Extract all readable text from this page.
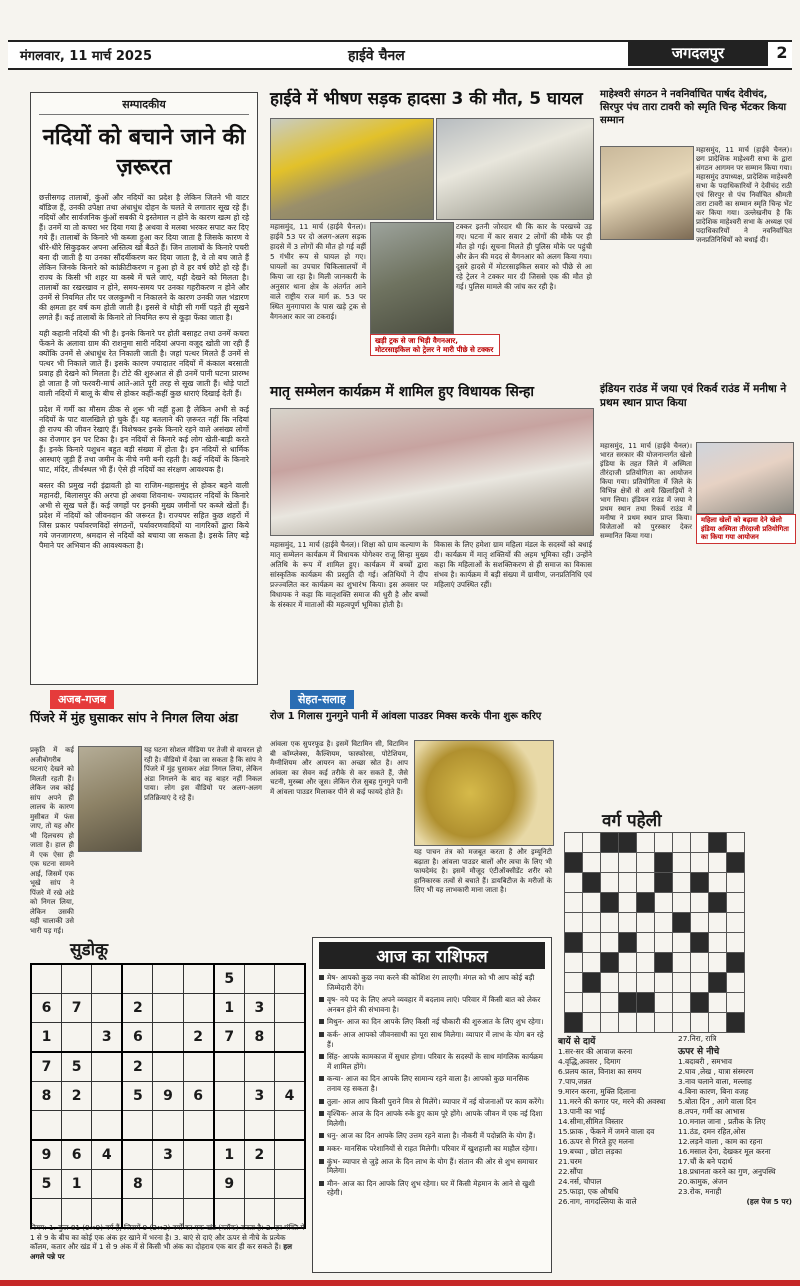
मंगलवार, 11 मार्च 2025	हाईवे चैनल	जगदलपुर	2
सम्पादकीय
नदियों को बचाने जाने की ज़रूरत
छत्तीसगढ़ तालाबों, कुंओं और नदियों का प्रदेश है लेकिन जितने भी वाटर बॉडिज हैं, उनकी उपेक्षा तथा अंधाधुंध दोहन के चलते ये लगातार सूख रहे हैं। नदियों और सार्वजनिक कुंओं सबकी ये इस्तेमाल न होने के कारण खत्म हो रहे हैं। उनमें या तो कचरा भर दिया गया है अथवा वे मलबा भरकर सपाट कर दिए गये हैं। तालाबों के किनारे भी कब्जा हुआ कर दिया जाता है जिसके कारण वे धीरे-धीरे सिकुड़कर अपना अस्तित्व खो बैठते हैं। जिन तालाबों के किनारे पचरी बना दी जाती है या उनका सौंदर्यीकरण कर दिया जाता है, वे तो बच जाते हैं लेकिन जिनके किनारे को कांक्रीटीकरण न हुआ हो वे हर वर्ष छोटे हो रहे हैं। राज्य के किसी भी शहर या कस्बे में चले जाएं, यही देखने को मिलता है। तालाबों का रखरखाव न होने, समय-समय पर उनका गहरीकरण न होने और उनमें से नियमित तौर पर जलकुम्भी न निकालने के कारण उनकी जल भंडारण की क्षमता हर वर्ष कम होती जाती है। इससे वे थोड़ी सी गर्मी पड़ते ही सूखने लगते हैं। कई तालाबों के किनारे तो नियमित रूप से कूड़ा फेंका जाता है।
यही कहानी नदियों की भी है। इनके किनारे पर होती बसाहट तथा उनमें कचरा फेंकने के अलावा ग्राम की राशनुमा सारी नदियां अपना वजूद खोती जा रही हैं क्योंकि उनमें से अंधाधुंध रेत निकाली जाती है। जहां पत्थर मिलते हैं उनमें से पत्थर भी निकाले जाते हैं। इसके कारण ज्यादातर नदियों में कंकाल बरसाती प्रवाह ही देखने को मिलता है। टोटे की शुरुआत से ही उनमें पानी घटना प्रारम्भ हो जाता है जो फरवरी-मार्च आते-आते पूरी तरह से सूख जाती हैं। थोड़े पाटों वाली नदियों में बालू के बीच से होकर कहीं-कहीं कुछ धाराएं दिखाई देती हैं।
प्रदेश में गर्मी का मौसम ठीक से शुरू भी नहीं हुआ है लेकिन अभी से कई नदियों के पाट वालखिले हो चुके हैं। यह बतलाने की ज़रूरत नहीं कि नदियां ही राज्य की जीवन रेखाएं हैं। विशेषकर इनके किनारे रहने वाले असंख्य लोगों का रोजगार इन पर टिका है। इन नदियों से किनारे कई लोग खेती-बाड़ी करते हैं। इनके किनारे पशुधन बहुत बड़ी संख्या में होता है। इन नदियों से धार्मिक आस्थाएं जुड़ी हैं तथा जमीन के नीचे नमी बनी रहती है। कई नदियों के किनारे घाट, मंदिर, तीर्थस्थल भी हैं। ऐसे ही नदियों का संरक्षण आवश्यक है।
बस्तर की प्रमुख नदी इंद्रावती हो या राजिम-महासमुंद से होकर बहने वाली महानदी, बिलासपुर की अरपा हो अथवा शिवनाथ- ज्यादातर नदियों के किनारे अभी से सूख चले हैं। कई जगहों पर इनकी मुख्य जमीनों पर कब्जे खेतों हैं। प्रदेश में नदियों को जीवनदान की जरूरत है। राज्यपर सहित कुछ शहरों में जिस प्रकार पर्यावरणविदों संगठनों, पर्यावरणवादियों या नागरिकों द्वारा किये गये जनजागरण, श्रमदान से नदियों को बचाया जा सकता है। इसके लिए बड़े पैमाने पर अभियान की आवश्यकता है।
हाईवे में भीषण सड़क हादसा 3 की मौत, 5 घायल
महासमुंद, 11 मार्च (हाईवे चैनल)। हाईवे 53 पर दो अलग-अलग सड़क हादसे में 3 लोगों की मौत हो गई वहीं 5 गंभीर रूप से घायल हो गए। घायलों का उपचार चिकित्सालयों में किया जा रहा है। मिली जानकारी के अनुसार थाना क्षेत्र के अंतर्गत आने वाले राष्ट्रीय राज मार्ग क्र. 53 पर स्थित मुनगापारा के पास खड़े ट्रक से वैगनआर कार जा टकराई।
टक्कर इतनी जोरदार थी कि कार के परखच्चे उड़ गए। घटना में कार सवार 2 लोगों की मौके पर ही मौत हो गई। सूचना मिलते ही पुलिस मौके पर पहुंची और क्रेन की मदद से वैगनआर को अलग किया गया। दूसरे हादसे में मोटरसाइकिल सवार को पीछे से आ रहे ट्रेलर ने टक्कर मार दी जिससे एक की मौत हो गई। पुलिस मामले की जांच कर रही है।
खड़ी ट्रक से जा भिड़ी वैगनआर, मोटरसाइकिल को ट्रेलर ने मारी पीछे से टक्कर
माहेश्वरी संगठन ने नवनिर्वाचित पार्षद देवीचंद, सिरपुर पंच तारा टावरी को स्मृति चिन्ह भेंटकर किया सम्मान
महासमुंद, 11 मार्च (हाईवे चैनल)। छग प्रादेशिक माहेश्वरी सभा के द्वारा संगठन आगमन पर सम्मान किया गया। महासमुंद उपाध्यक्ष, प्रादेशिक माहेश्वरी सभा के पदाधिकारियों ने देवीचंद राठी एवं सिरपुर से पंच निर्वाचित श्रीमती तारा टावरी का सम्मान स्मृति चिन्ह भेंट कर किया गया। उल्लेखनीय है कि प्रादेशिक माहेश्वरी सभा के अध्यक्ष एवं पदाधिकारियों ने नवनिर्वाचित जनप्रतिनिधियों को बधाई दी।
मातृ सम्मेलन कार्यक्रम में शामिल हुए विधायक सिन्हा
महासमुंद, 11 मार्च (हाईवे चैनल)। शिक्षा को ग्राम कल्याण के मातृ सम्मेलन कार्यक्रम में विधायक योगेश्वर राजू सिन्हा मुख्य अतिथि के रूप में शामिल हुए। कार्यक्रम में बच्चों द्वारा सांस्कृतिक कार्यक्रम की प्रस्तुति दी गई। अतिथियों ने दीप प्रज्ज्वलित कर कार्यक्रम का शुभारंभ किया। इस अवसर पर विधायक ने कहा कि मातृशक्ति समाज की धुरी है और बच्चों के संस्कार में माताओं की महत्वपूर्ण भूमिका होती है।
विकास के लिए हमेशा ग्राम महिला मंडल के सदस्यों को बधाई दी। कार्यक्रम में मातृ शक्तियों की अहम भूमिका रही। उन्होंने कहा कि महिलाओं के सशक्तिकरण से ही समाज का विकास संभव है। कार्यक्रम में बड़ी संख्या में ग्रामीण, जनप्रतिनिधि एवं महिलाएं उपस्थित रहीं।
इंडियन राउंड में जया एवं रिकर्व राउंड में मनीषा ने प्रथम स्थान प्राप्त किया
महिला खेलों को बढ़ावा देने खेलो इंडिया अस्मिता तीरंदाजी प्रतियोगिता का किया गया आयोजन
महासमुंद, 11 मार्च (हाईवे चैनल)। भारत सरकार की योजनान्तर्गत खेलो इंडिया के तहत जिले में अस्मिता तीरंदाजी प्रतियोगिता का आयोजन किया गया। प्रतियोगिता में जिले के विभिन्न क्षेत्रों से आये खिलाड़ियों ने भाग लिया। इंडियन राउंड में जया ने प्रथम स्थान तथा रिकर्व राउंड में मनीषा ने प्रथम स्थान प्राप्त किया। विजेताओं को पुरस्कार देकर सम्मानित किया गया।
अजब-गजब
पिंजरे में मुंह घुसाकर सांप ने निगल लिया अंडा
प्रकृति में कई अजीबोगरीब घटनाएं देखने को मिलती रहती हैं। लेकिन जब कोई सांप अपने ही लालच के कारण मुसीबत में फंस जाए, तो यह और भी दिलचस्प हो जाता है। हाल ही में एक ऐसा ही एक घटना सामने आई, जिसमें एक भूखे सांप ने पिंजरे में रखे अंडे को निगल लिया, लेकिन उसकी यही चालाकी उसे भारी पड़ गई।
यह घटना सोशल मीडिया पर तेजी से वायरल हो रही है। वीडियो में देखा जा सकता है कि सांप ने पिंजरे में मुंह घुसाकर अंडा निगल लिया, लेकिन अंडा निगलने के बाद वह बाहर नहीं निकल पाया। लोग इस वीडियो पर अलग-अलग प्रतिक्रियाएं दे रहे हैं।
सेहत-सलाह
रोज 1 गिलास गुनगुने पानी में आंवला पाउडर मिक्स करके पीना शुरू करिए
आंवला एक सुपरफूड है। इसमें विटामिन सी, विटामिन बी कॉम्प्लेक्स, कैल्शियम, फास्फोरस, पोटेशियम, मैग्नीशियम और आयरन का अच्छा स्रोत है। आप आंवला का सेवन कई तरीके से कर सकते हैं, जैसे चटनी, मुरब्बा और जूस। लेकिन रोज सुबह गुनगुने पानी में आंवला पाउडर मिलाकर पीने से कई फायदे होते हैं।
यह पाचन तंत्र को मजबूत करता है और इम्यूनिटी बढ़ाता है। आंवला पाउडर बालों और त्वचा के लिए भी फायदेमंद है। इसमें मौजूद एंटीऑक्सीडेंट शरीर को हानिकारक तत्वों से बचाते हैं। डायबिटीज के मरीजों के लिए भी यह लाभकारी माना जाता है।
सुडोकू
						5		
6	7		2			1	3	
1		3	6		2	7	8	
7	5		2					
8	2		5	9	6		3	4

9	6	4		3		1	2	
5	1		8			9		

नियम: 1. कुल 81 (9×9) वर्ग हैं, जिसमें 9 (3×3) वर्गों का एक खंड (ब्लॉक) बनता है। 2. हर पंक्ति में 1 से 9 के बीच का कोई एक अंक हर खाने में भरना है। 3. बाएं से दाएं और ऊपर से नीचे के प्रत्येक कॉलम, कतार और खंड में 1 से 9 अंक में से किसी भी अंक का दोहराव एक बार ही कर सकते हैं। हल अगले पन्ने पर
आज का राशिफल
मेष- आपको कुछ नया करने की कोशिश रंग लाएगी। मंगल को भी आप कोई बड़ी जिम्मेदारी देंगे।
वृष- नये पद के लिए अपने व्यवहार में बदलाव लाएं। परिवार में किसी बात को लेकर अनबन होने की संभावना है।
मिथुन- आज का दिन आपके लिए किसी नई चौकारी की शुरुआत के लिए शुभ रहेगा।
कर्क- आज आपको जीवनसाथी का पूरा साथ मिलेगा। व्यापार में लाभ के योग बन रहे हैं।
सिंह- आपके कामकाज में सुधार होगा। परिवार के सदस्यों के साथ मांगलिक कार्यक्रम में शामिल होंगे।
कन्या- आज का दिन आपके लिए सामान्य रहने वाला है। आपको कुछ मानसिक तनाव रह सकता है।
तुला- आज आप किसी पुराने मित्र से मिलेंगे। व्यापार में नई योजनाओं पर काम करेंगे।
वृश्चिक- आज के दिन आपके रुके हुए काम पूरे होंगे। आपके जीवन में एक नई दिशा मिलेगी।
धनु- आज का दिन आपके लिए उत्तम रहने वाला है। नौकरी में पदोन्नति के योग हैं।
मकर- मानसिक परेशानियों से राहत मिलेगी। परिवार में खुशहाली का माहौल रहेगा।
कुंभ- व्यापार से जुड़े आज के दिन लाभ के योग हैं। संतान की ओर से शुभ समाचार मिलेगा।
मीन- आज का दिन आपके लिए शुभ रहेगा। घर में किसी मेहमान के आने से खुशी रहेगी।
वर्ग पहेली

बायें से दायें
1.सर-सर की आवाज करना
4.वृद्धि,अवसर , दिमाग
6.प्रलय काल, विनाश का समय
7.पाप,जन्नत
9.मारन करना, मुक्ति दिलाना
11.मरने की कगार पर, मरने की अवस्था
13.पानी का भाई
14.सीमा,सीमित विस्तार
15.फ्राक , फेंकने में जमने वाला दव
16.ऊपर से गिरते हुए मलना
19.बच्चा , छोटा लड़का
21.चरम
22.सौंपा
24.नर्स, चौपाल
25.फाड़ा, एक औषधि
26.नाग, नागदल्लिया के वाले
27.निरा, रात्रि
ऊपर से नीचे
1.बदाबरी , समभाव
2.घाव ,लेख , यात्रा संस्मरण
3.नाव चलाने वाला, मल्लाह
4.बिना कारण, बिना वजह
5.बोता दिन , आगे वाला दिन
8.तपन, गर्मी का आभास
10.मनाल जाना , प्रतीक के लिए
11.ठंड, दमन रहित,ओस
12.लड़ने वाला , काम का रहना
16.मसाल देना, देखकर मूल करना
17.चौं के बने पदार्थ
18.प्रधानता करने का गुण, अनुपस्थि
20.कामुक, अंजन
23.रोक, मनाही
(हल पेज 5 पर)
